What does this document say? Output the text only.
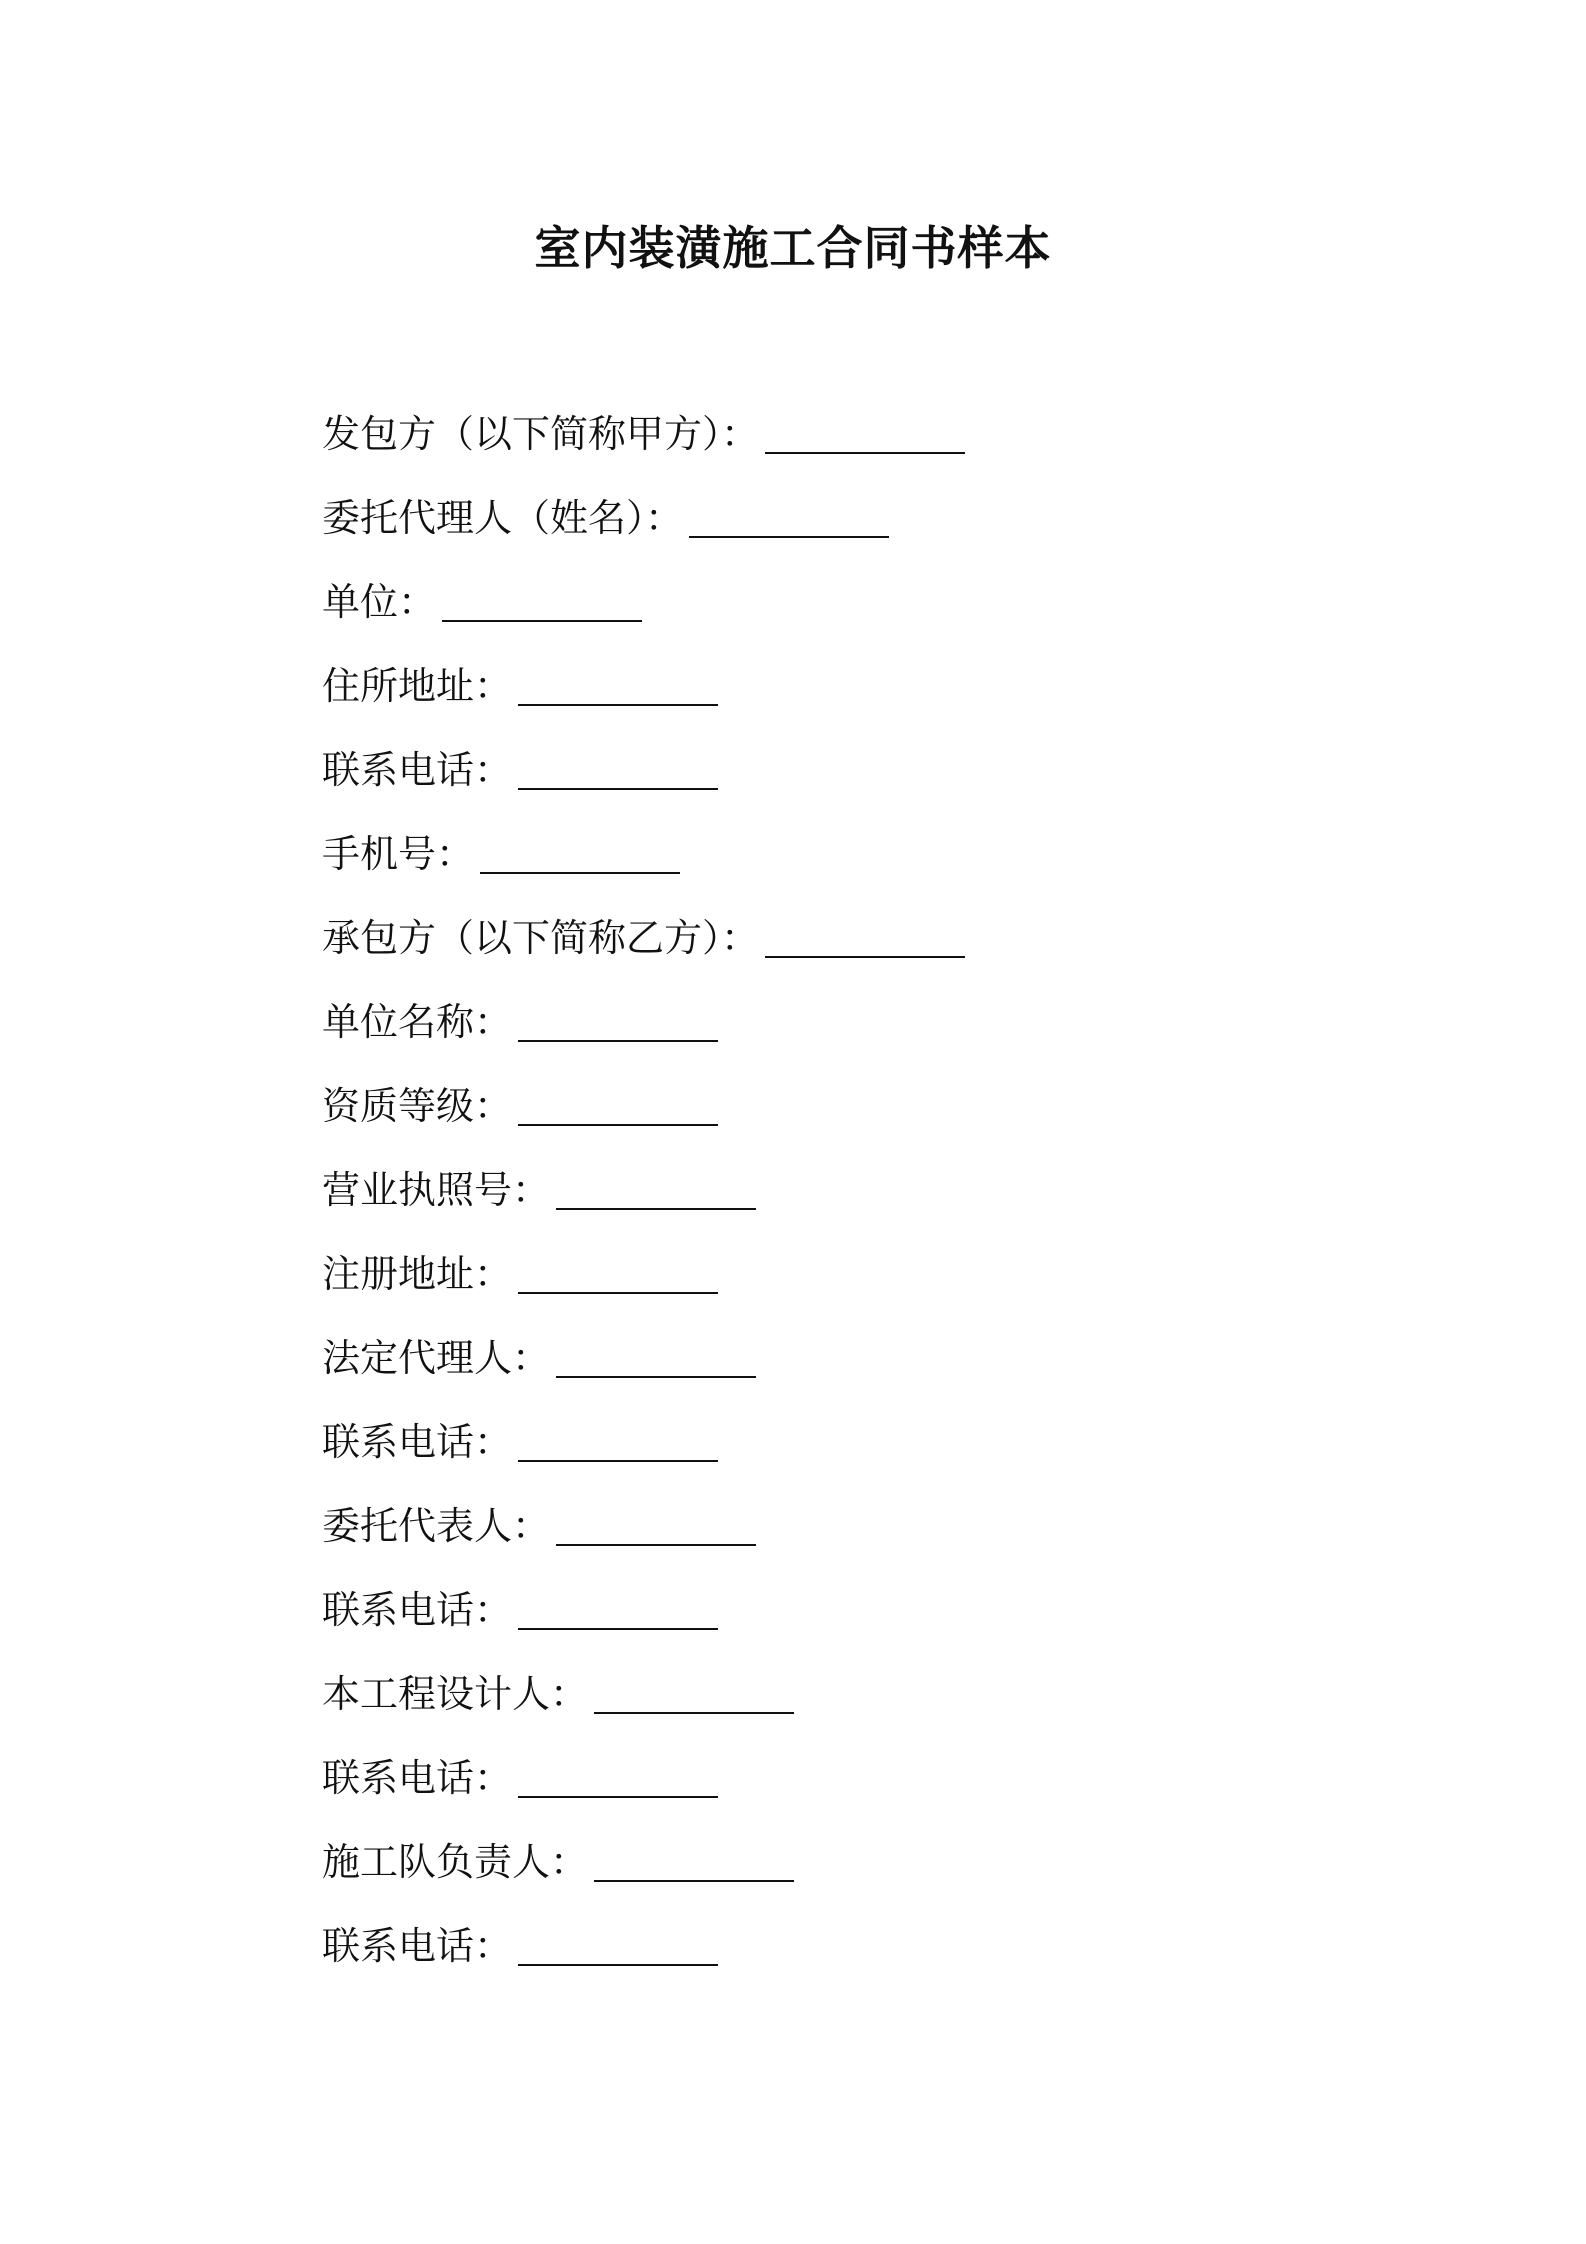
室内装潢施工合同书样本
发包方（以下简称甲方）：
委托代理人（姓名）：
单位：
住所地址：
联系电话：
手机号：
承包方（以下简称乙方）：
单位名称：
资质等级：
营业执照号：
注册地址：
法定代理人：
联系电话：
委托代表人：
联系电话：
本工程设计人：
联系电话：
施工队负责人：
联系电话：
